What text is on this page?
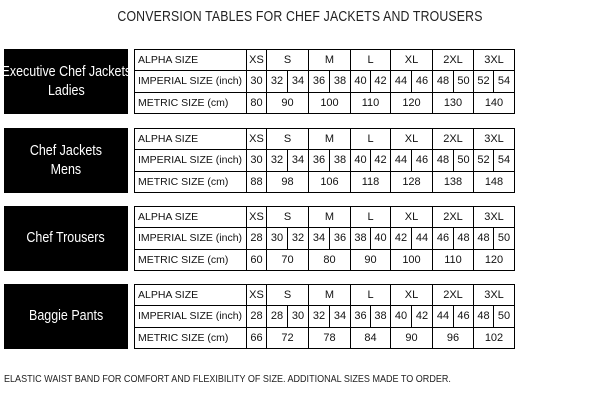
CONVERSION TABLES FOR CHEF JACKETS AND TROUSERS
Executive Chef Jackets
Ladies
ALPHA SIZE	XS	S		M		L		XL		2XL		3XL	
IMPERIAL SIZE (inch)	30	32	34	36	38	40	42	44	46	48	50	52	54
METRIC SIZE (cm)	80	90		100		110		120		130		140	
Chef Jackets
Mens
ALPHA SIZE	XS	S		M		L		XL		2XL		3XL	
IMPERIAL SIZE (inch)	30	32	34	36	38	40	42	44	46	48	50	52	54
METRIC SIZE (cm)	88	98		106		118		128		138		148	
Chef Trousers
ALPHA SIZE	XS	S		M		L		XL		2XL		3XL	
IMPERIAL SIZE (inch)	28	30	32	34	36	38	40	42	44	46	48	48	50
METRIC SIZE (cm)	60	70		80		90		100		110		120	
Baggie Pants
ALPHA SIZE	XS	S		M		L		XL		2XL		3XL	
IMPERIAL SIZE (inch)	28	28	30	32	34	36	38	40	42	44	46	48	50
METRIC SIZE (cm)	66	72		78		84		90		96		102	
ELASTIC WAIST BAND FOR COMFORT AND FLEXIBILITY OF SIZE. ADDITIONAL SIZES MADE TO ORDER.
